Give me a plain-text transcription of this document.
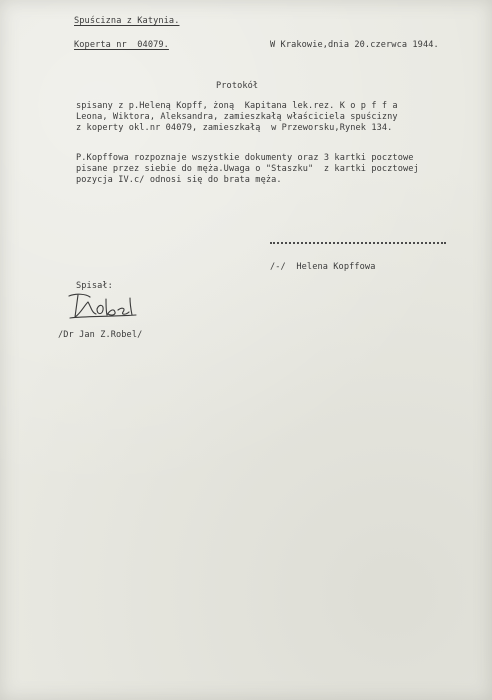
Spuścizna z Katynia.
Koperta nr  04079.	W Krakowie,dnia 20.czerwca 1944.
Protokół
spisany z p.Heleną Kopff, żoną  Kapitana lek.rez. K o p f f a
Leona, Wiktora, Aleksandra, zamieszkałą właściciela spuścizny
z koperty okl.nr 04079, zamieszkałą  w Przeworsku,Rynek 134.
P.Kopffowa rozpoznaje wszystkie dokumenty oraz 3 kartki pocztowe
pisane przez siebie do męża.Uwaga o "Staszku"  z kartki pocztowej
pozycja IV.c/ odnosi się do brata męża.
/-/  Helena Kopffowa
Spisał:
/Dr Jan Z.Robel/
